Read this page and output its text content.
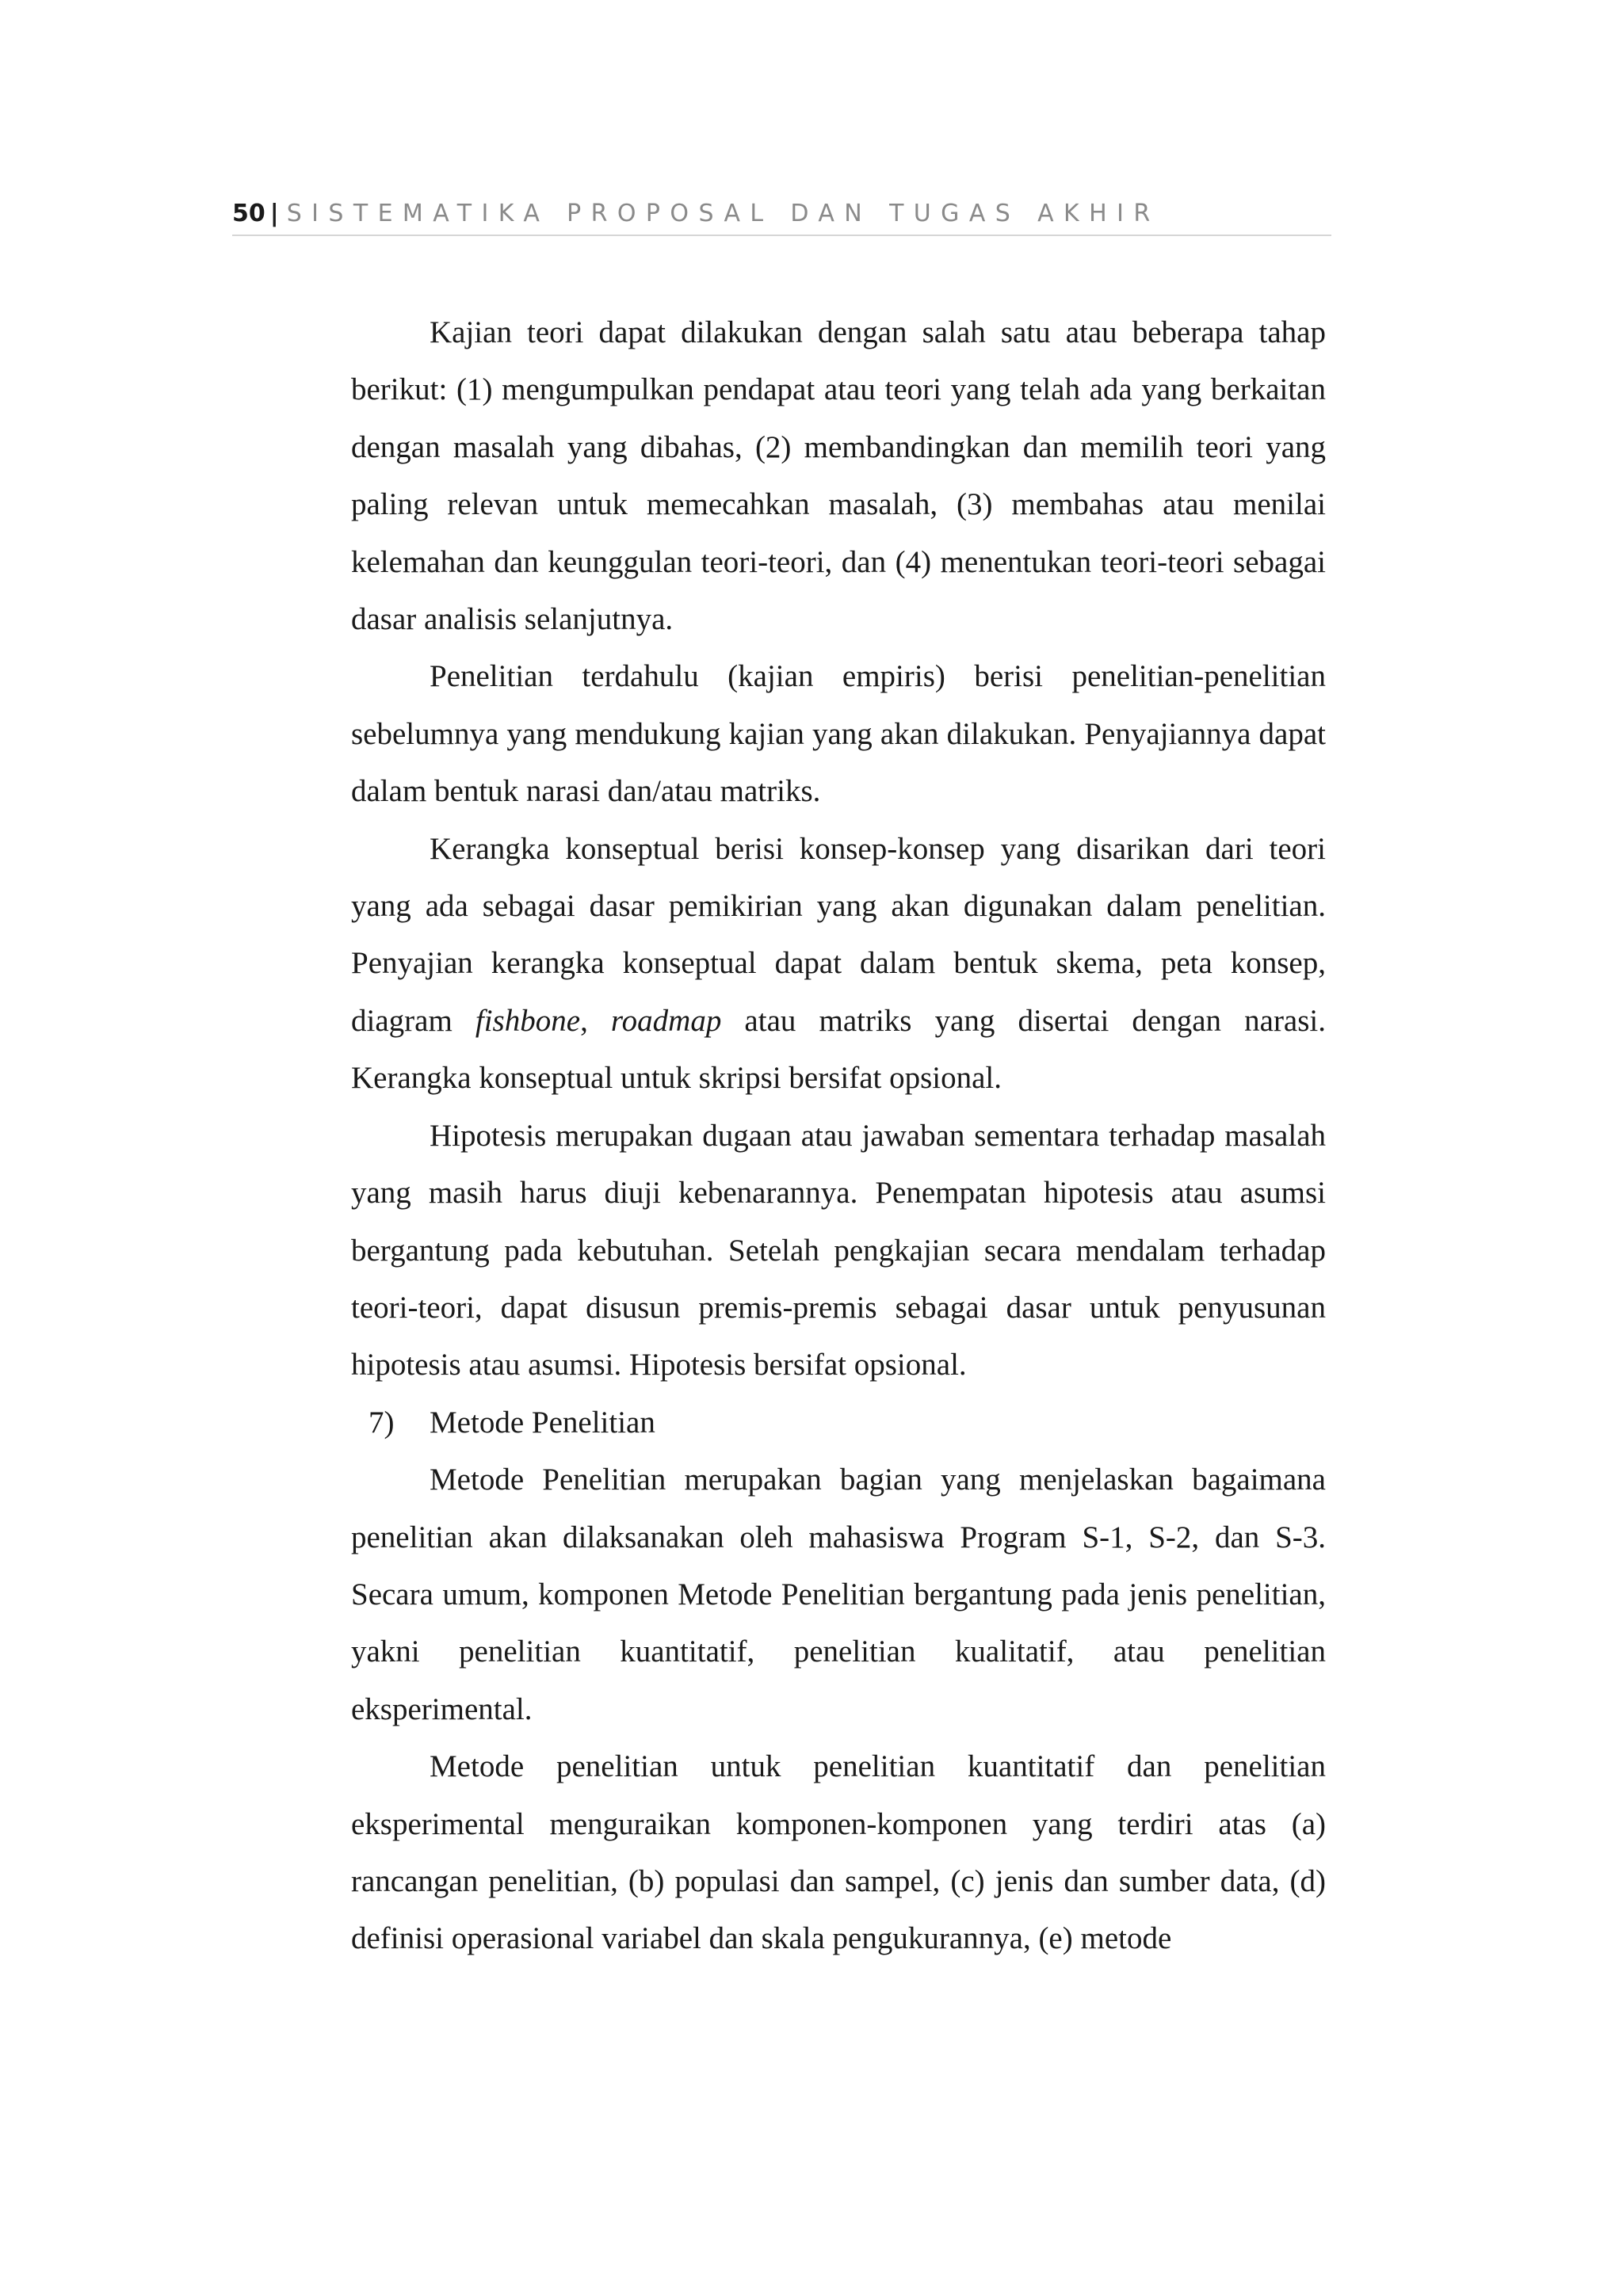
50 | SISTEMATIKA PROPOSAL DAN TUGAS AKHIR

Kajian teori dapat dilakukan dengan salah satu atau beberapa tahap berikut: (1) mengumpulkan pendapat atau teori yang telah ada yang berkaitan dengan masalah yang dibahas, (2) membandingkan dan memilih teori yang paling relevan untuk memecahkan masalah, (3) membahas atau menilai kelemahan dan keunggulan teori-teori, dan (4) menentukan teori-teori sebagai dasar analisis selanjutnya.

Penelitian terdahulu (kajian empiris) berisi penelitian-penelitian sebelumnya yang mendukung kajian yang akan dilakukan. Penyajiannya dapat dalam bentuk narasi dan/atau matriks.

Kerangka konseptual berisi konsep-konsep yang disarikan dari teori yang ada sebagai dasar pemikirian yang akan digunakan dalam penelitian. Penyajian kerangka konseptual dapat dalam bentuk skema, peta konsep, diagram fishbone, roadmap atau matriks yang disertai dengan narasi. Kerangka konseptual untuk skripsi bersifat opsional.

Hipotesis merupakan dugaan atau jawaban sementara terhadap masalah yang masih harus diuji kebenarannya. Penempatan hipotesis atau asumsi bergantung pada kebutuhan. Setelah pengkajian secara mendalam terhadap teori-teori, dapat disusun premis-premis sebagai dasar untuk penyusunan hipotesis atau asumsi. Hipotesis bersifat opsional.

7) Metode Penelitian

Metode Penelitian merupakan bagian yang menjelaskan bagaimana penelitian akan dilaksanakan oleh mahasiswa Program S-1, S-2, dan S-3. Secara umum, komponen Metode Penelitian bergantung pada jenis penelitian, yakni penelitian kuantitatif, penelitian kualitatif, atau penelitian eksperimental.

Metode penelitian untuk penelitian kuantitatif dan penelitian eksperimental menguraikan komponen-komponen yang terdiri atas (a) rancangan penelitian, (b) populasi dan sampel, (c) jenis dan sumber data, (d) definisi operasional variabel dan skala pengukurannya, (e) metode
